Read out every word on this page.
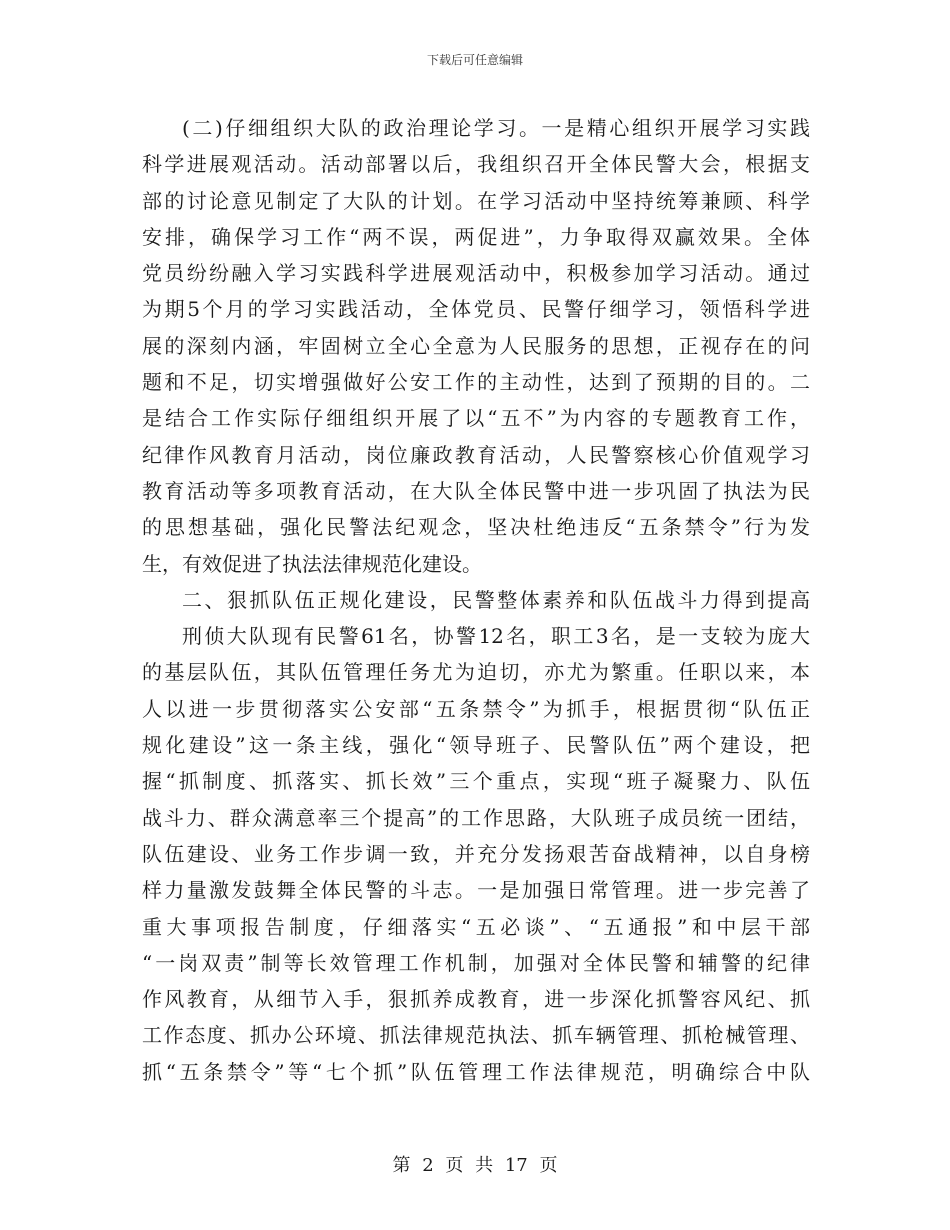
下载后可任意编辑
(二)仔细组织大队的政治理论学习。一是精心组织开展学习实践
科学进展观活动。活动部署以后，我组织召开全体民警大会，根据支
部的讨论意见制定了大队的计划。在学习活动中坚持统筹兼顾、科学
安排，确保学习工作“两不误，两促进”，力争取得双赢效果。全体
党员纷纷融入学习实践科学进展观活动中，积极参加学习活动。通过
为期5个月的学习实践活动，全体党员、民警仔细学习，领悟科学进
展的深刻内涵，牢固树立全心全意为人民服务的思想，正视存在的问
题和不足，切实增强做好公安工作的主动性，达到了预期的目的。二
是结合工作实际仔细组织开展了以“五不”为内容的专题教育工作，
纪律作风教育月活动，岗位廉政教育活动，人民警察核心价值观学习
教育活动等多项教育活动，在大队全体民警中进一步巩固了执法为民
的思想基础，强化民警法纪观念，坚决杜绝违反“五条禁令”行为发
生，有效促进了执法法律规范化建设。
二、狠抓队伍正规化建设，民警整体素养和队伍战斗力得到提高
刑侦大队现有民警61名，协警12名，职工3名，是一支较为庞大
的基层队伍，其队伍管理任务尤为迫切，亦尤为繁重。任职以来，本
人以进一步贯彻落实公安部“五条禁令”为抓手，根据贯彻“队伍正
规化建设”这一条主线，强化“领导班子、民警队伍”两个建设，把
握“抓制度、抓落实、抓长效”三个重点，实现“班子凝聚力、队伍
战斗力、群众满意率三个提高”的工作思路，大队班子成员统一团结，
队伍建设、业务工作步调一致，并充分发扬艰苦奋战精神，以自身榜
样力量激发鼓舞全体民警的斗志。一是加强日常管理。进一步完善了
重大事项报告制度，仔细落实“五必谈”、“五通报”和中层干部
“一岗双责”制等长效管理工作机制，加强对全体民警和辅警的纪律
作风教育，从细节入手，狠抓养成教育，进一步深化抓警容风纪、抓
工作态度、抓办公环境、抓法律规范执法、抓车辆管理、抓枪械管理、
抓“五条禁令”等“七个抓”队伍管理工作法律规范，明确综合中队
第 2 页 共 17 页
